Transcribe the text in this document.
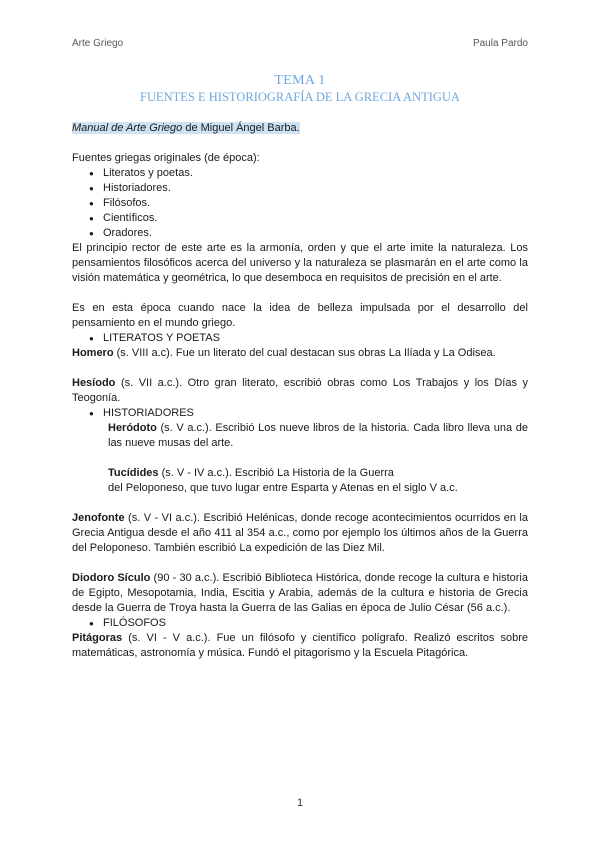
Arte Griego	Paula Pardo
TEMA 1
FUENTES E HISTORIOGRAFÍA DE LA GRECIA ANTIGUA

Manual de Arte Griego de Miguel Ángel Barba.

Fuentes griegas originales (de época):

● Literatos y poetas.
● Historiadores.
● Filósofos.
● Científicos.
● Oradores.

El principio rector de este arte es la armonía, orden y que el arte imite la naturaleza. Los pensamientos filosóficos acerca del universo y la naturaleza se plasmarán en el arte como la visión matemática y geométrica, lo que desemboca en requisitos de precisión en el arte.

Es en esta época cuando nace la idea de belleza impulsada por el desarrollo del pensamiento en el mundo griego.

● LITERATOS Y POETAS

Homero (s. VIII a.c). Fue un literato del cual destacan sus obras La Ilíada y La Odisea.

Hesíodo (s. VII a.c.). Otro gran literato, escribió obras como Los Trabajos y los Días y Teogonía.

● HISTORIADORES

Heródoto (s. V a.c.). Escribió Los nueve libros de la historia. Cada libro lleva una de las nueve musas del arte.

Tucídides (s. V - IV a.c.). Escribió La Historia de la Guerra
del Peloponeso, que tuvo lugar entre Esparta y Atenas en el siglo V a.c.

Jenofonte (s. V - VI a.c.). Escribió Helénicas, donde recoge acontecimientos ocurridos en la Grecia Antigua desde el año 411 al 354 a.c., como por ejemplo los últimos años de la Guerra del Peloponeso. También escribió La expedición de las Diez Mil.

Diodoro Sículo (90 - 30 a.c.). Escribió Biblioteca Histórica, donde recoge la cultura e historia de Egipto, Mesopotamia, India, Escitia y Arabia, además de la cultura e historia de Grecia desde la Guerra de Troya hasta la Guerra de las Galias en época de Julio César (56 a.c.).

● FILÓSOFOS

Pitágoras (s. VI - V a.c.). Fue un filósofo y científico polígrafo. Realizó escritos sobre matemáticas, astronomía y música. Fundó el pitagorismo y la Escuela Pitagórica.

1
